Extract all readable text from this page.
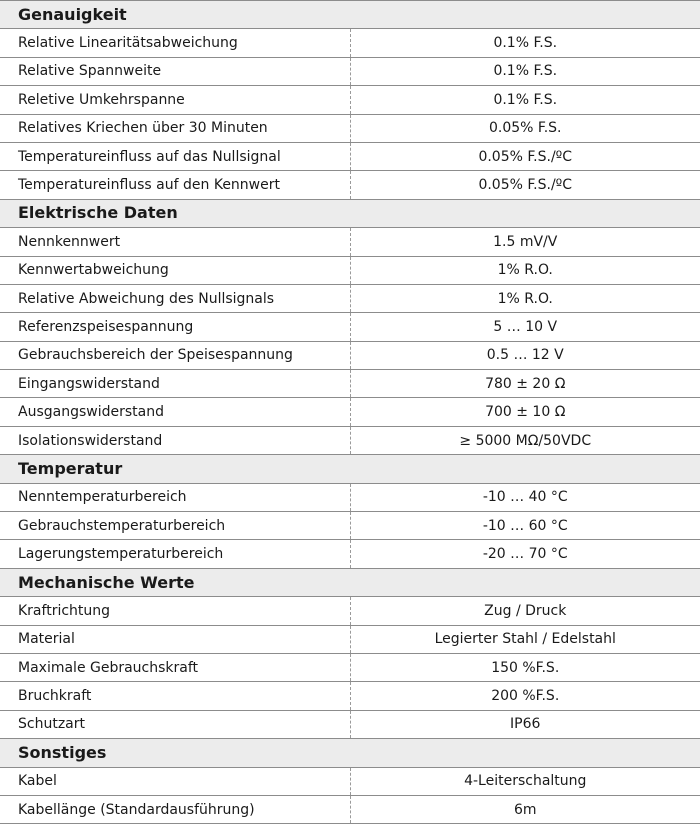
Genauigkeit	
Relative Linearitätsabweichung	0.1% F.S.
Relative Spannweite	0.1% F.S.
Reletive Umkehrspanne	0.1% F.S.
Relatives Kriechen über 30 Minuten	0.05% F.S.
Temperatureinfluss auf das Nullsignal	0.05% F.S./ºC
Temperatureinfluss auf den Kennwert	0.05% F.S./ºC
Elektrische Daten	
Nennkennwert	1.5 mV/V
Kennwertabweichung	1% R.O.
Relative Abweichung des Nullsignals	1% R.O.
Referenzspeisespannung	5 … 10 V
Gebrauchsbereich der Speisespannung	0.5 … 12 V
Eingangswiderstand	780 ± 20 Ω
Ausgangswiderstand	700 ± 10 Ω
Isolationswiderstand	≥ 5000 MΩ/50VDC
Temperatur	
Nenntemperaturbereich	-10 … 40 °C
Gebrauchstemperaturbereich	-10 … 60 °C
Lagerungstemperaturbereich	-20 … 70 °C
Mechanische Werte	
Kraftrichtung	Zug / Druck
Material	Legierter Stahl / Edelstahl
Maximale Gebrauchskraft	150 %F.S.
Bruchkraft	200 %F.S.
Schutzart	IP66
Sonstiges	
Kabel	4-Leiterschaltung
Kabellänge (Standardausführung)	6m
